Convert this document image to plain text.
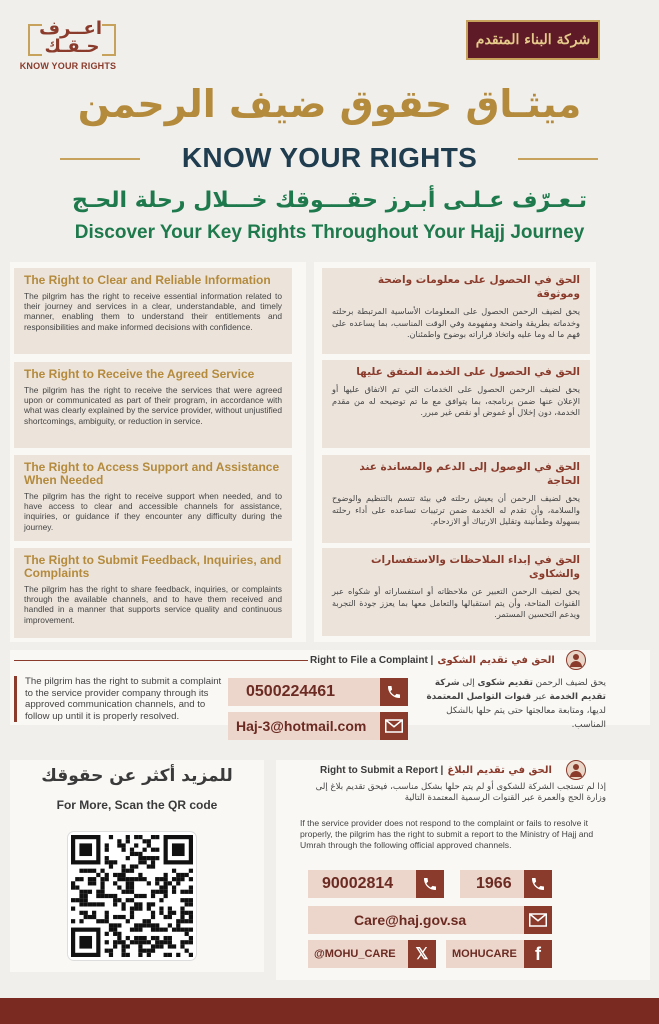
اعــرف
حـقـك
KNOW YOUR RIGHTS
شركة البناء المتقدم
ميثـاق حقوق ضيف الرحمن
KNOW YOUR RIGHTS
تـعـرّف عـلـى أبـرز حقـــوقك خـــلال رحلة الحـج
Discover Your Key Rights Throughout Your Hajj Journey
The Right to Clear and Reliable Information

The pilgrim has the right to receive essential information related to their journey and services in a clear, understandable, and timely manner, enabling them to understand their entitlements and responsibilities and make informed decisions with confidence.

The Right to Receive the Agreed Service

The pilgrim has the right to receive the services that were agreed upon or communicated as part of their program, in accordance with what was clearly explained by the service provider, without unjustified shortcomings, ambiguity, or reduction in service.

The Right to Access Support and Assistance When Needed

The pilgrim has the right to receive support when needed, and to have access to clear and accessible channels for assistance, inquiries, or guidance if they encounter any difficulty during the journey.

The Right to Submit Feedback, Inquiries, and Complaints

The pilgrim has the right to share feedback, inquiries, or complaints through the available channels, and to have them received and handled in a manner that supports service quality and continuous improvement.

الحق في الحصول على معلومات واضحة وموثوقة

يحق لضيف الرحمن الحصول على المعلومات الأساسية المرتبطة برحلته وخدماته بطريقة واضحة ومفهومة وفي الوقت المناسب، بما يساعده على فهم ما له وما عليه واتخاذ قراراته بوضوح واطمئنان.

الحق في الحصول على الخدمة المتفق عليها

يحق لضيف الرحمن الحصول على الخدمات التي تم الاتفاق عليها أو الإعلان عنها ضمن برنامجه، بما يتوافق مع ما تم توضيحه له من مقدم الخدمة، دون إخلال أو غموض أو نقص غير مبرر.

الحق في الوصول إلى الدعم والمساندة عند الحاجة

يحق لضيف الرحمن أن يعيش رحلته في بيئة تتسم بالتنظيم والوضوح والسلامة، وأن تقدم له الخدمة ضمن ترتيبات تساعده على أداء رحلته بسهولة وطمأنينة وتقليل الارتباك أو الازدحام.

الحق في إبداء الملاحظات والاستفسارات والشكاوى

يحق لضيف الرحمن التعبير عن ملاحظاته أو استفساراته أو شكواه عبر القنوات المتاحة، وأن يتم استقبالها والتعامل معها بما يعزز جودة التجربة ويدعم التحسين المستمر.

Right to File a Complaint | الحق في تقديم الشكوى
The pilgrim has the right to submit a complaint to the service provider company through its approved communication channels, and to follow up until it is properly resolved.
0500224461
Haj-3@hotmail.com
يحق لضيف الرحمن تقديم شكوى إلى شركة تقديم الخدمة عبر قنوات التواصل المعتمدة لديها، ومتابعة معالجتها حتى يتم حلها بالشكل المناسب.
للمزيد أكثر عن حقوقك
For More, Scan the QR code
Right to Submit a Report | الحق في تقديم البلاغ
إذا لم تستجب الشركة للشكوى أو لم يتم حلها بشكل مناسب، فيحق تقديم بلاغ إلى وزارة الحج والعمرة عبر القنوات الرسمية المعتمدة التالية
If the service provider does not respond to the complaint or fails to resolve it properly, the pilgrim has the right to submit a report to the Ministry of Hajj and Umrah through the following official approved channels.
90002814	1966
Care@haj.gov.sa
@MOHU_CARE 𝕏 MOHUCARE f
